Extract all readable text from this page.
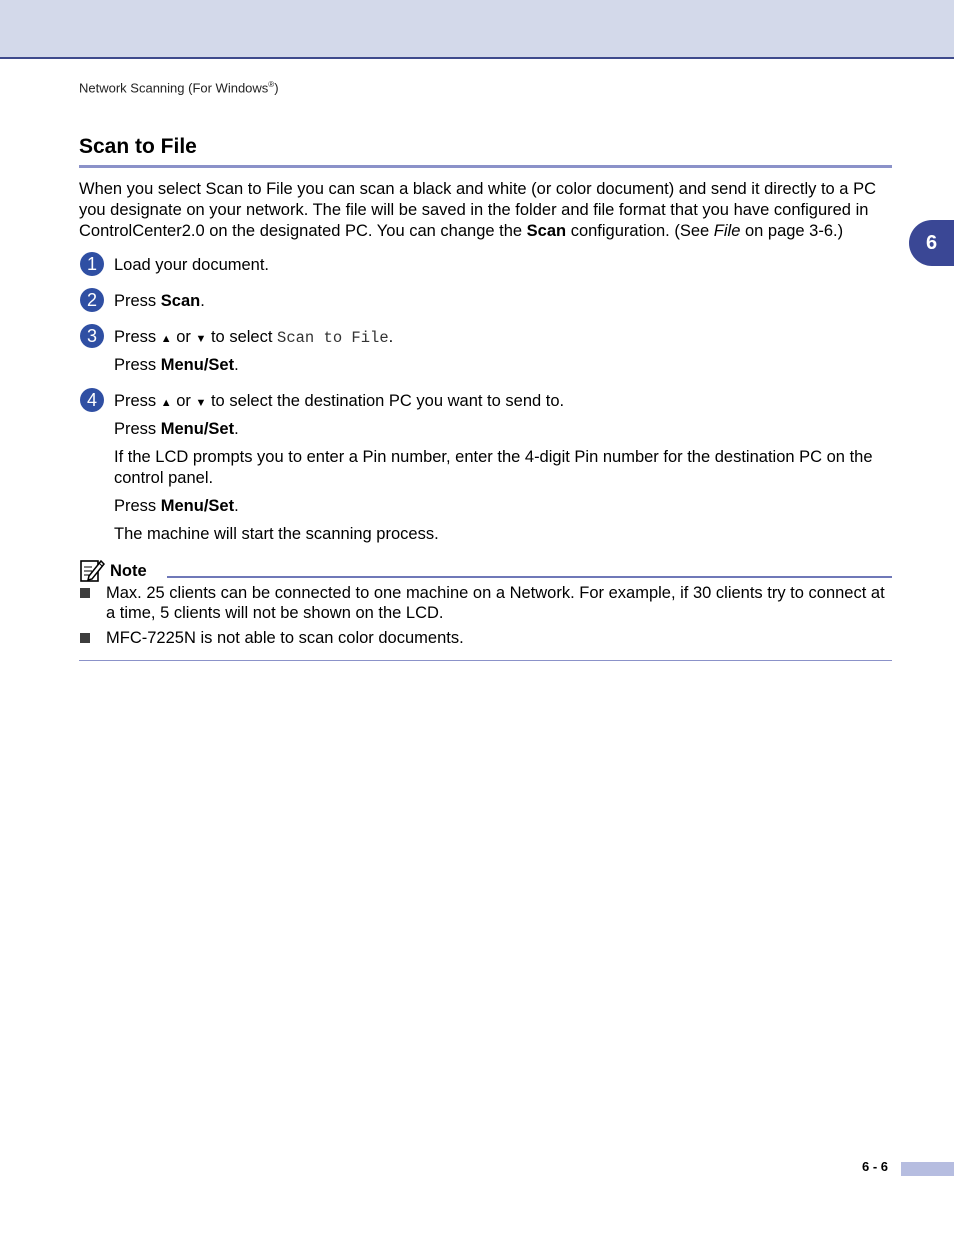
Network Scanning (For Windows®)
Scan to File
6
When you select Scan to File you can scan a black and white (or color document) and send it directly to a PC you designate on your network. The file will be saved in the folder and file format that you have configured in ControlCenter2.0 on the designated PC. You can change the Scan configuration. (See File on page 3-6.)
1	Load your document.
2	Press Scan.
3	Press ▲ or ▼ to select Scan to File.
Press Menu/Set.
4	Press ▲ or ▼ to select the destination PC you want to send to.
Press Menu/Set.
If the LCD prompts you to enter a Pin number, enter the 4-digit Pin number for the destination PC on the control panel.
Press Menu/Set.
The machine will start the scanning process.
Note
Max. 25 clients can be connected to one machine on a Network. For example, if 30 clients try to connect at a time, 5 clients will not be shown on the LCD.
MFC-7225N is not able to scan color documents.
6 - 6
